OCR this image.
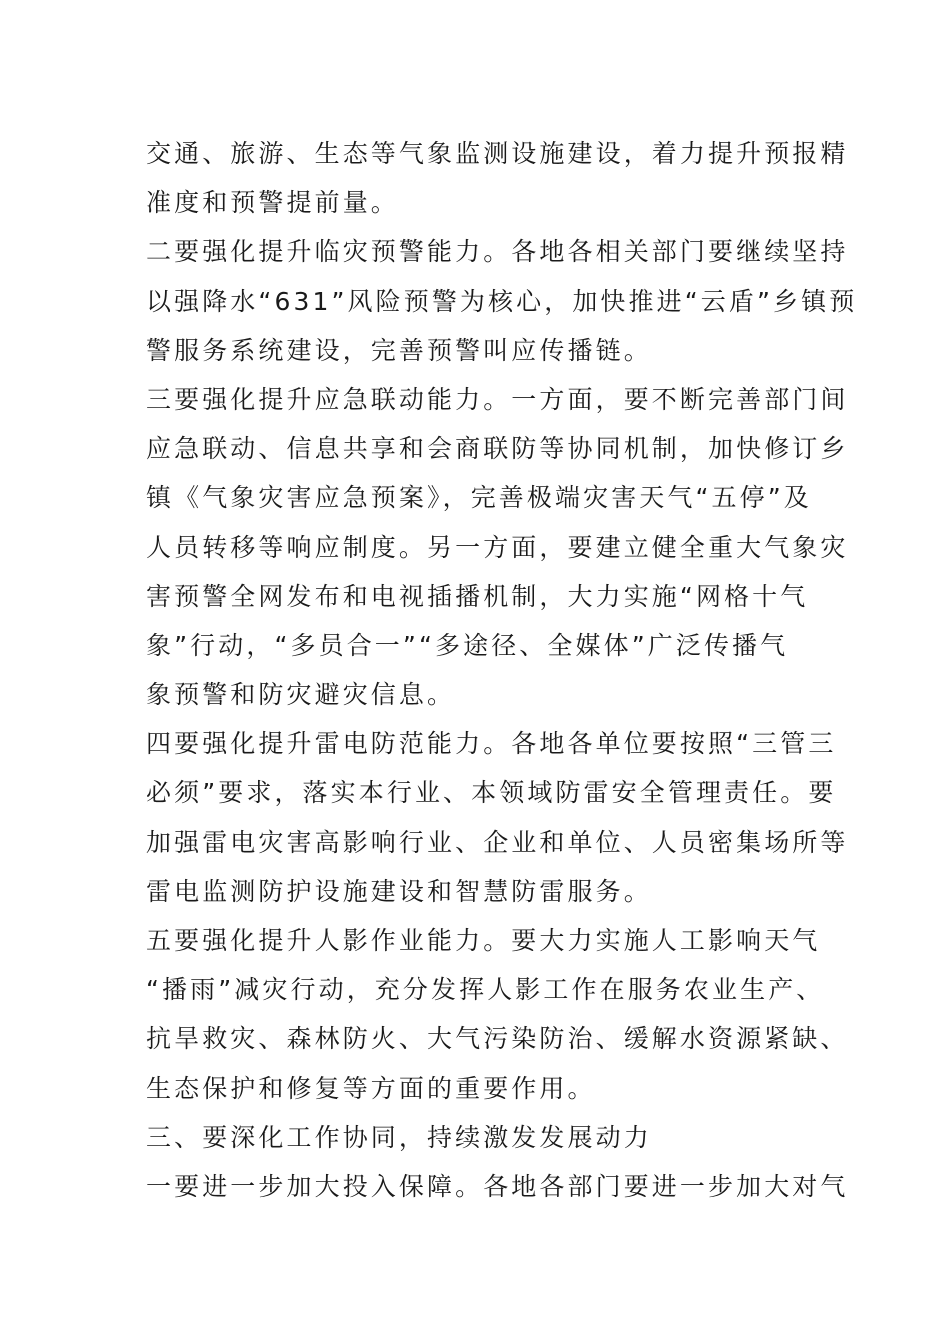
交通、旅游、生态等气象监测设施建设，着力提升预报精
准度和预警提前量。
二要强化提升临灾预警能力。各地各相关部门要继续坚持
以强降水“631”风险预警为核心，加快推进“云盾”乡镇预
警服务系统建设，完善预警叫应传播链。
三要强化提升应急联动能力。一方面，要不断完善部门间
应急联动、信息共享和会商联防等协同机制，加快修订乡
镇《气象灾害应急预案》，完善极端灾害天气“五停”及
人员转移等响应制度。另一方面，要建立健全重大气象灾
害预警全网发布和电视插播机制，大力实施“网格十气
象”行动，“多员合一”“多途径、全媒体”广泛传播气
象预警和防灾避灾信息。
四要强化提升雷电防范能力。各地各单位要按照“三管三
必须”要求，落实本行业、本领域防雷安全管理责任。要
加强雷电灾害高影响行业、企业和单位、人员密集场所等
雷电监测防护设施建设和智慧防雷服务。
五要强化提升人影作业能力。要大力实施人工影响天气
“播雨”减灾行动，充分发挥人影工作在服务农业生产、
抗旱救灾、森林防火、大气污染防治、缓解水资源紧缺、
生态保护和修复等方面的重要作用。
三、要深化工作协同，持续激发发展动力
一要进一步加大投入保障。各地各部门要进一步加大对气
